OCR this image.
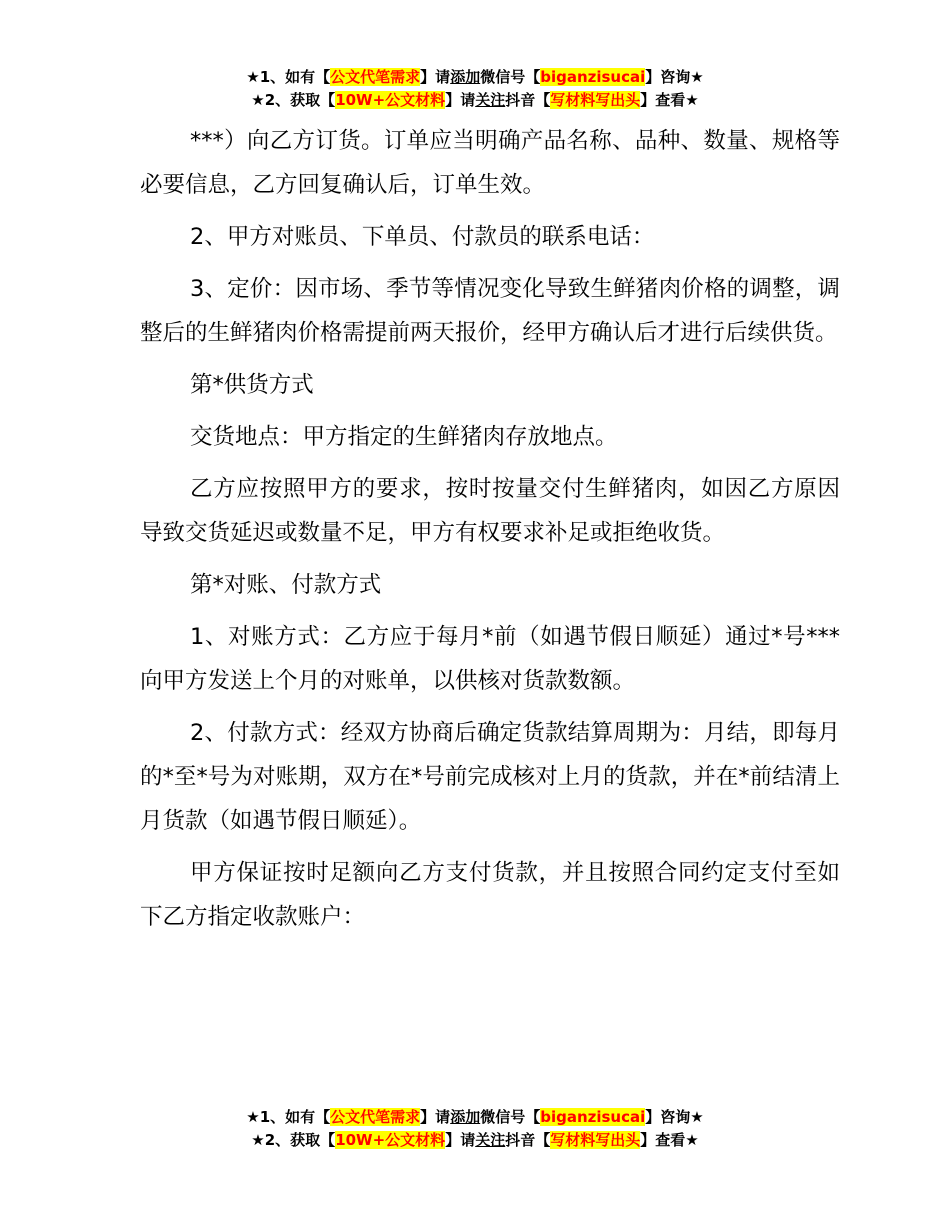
★1、如有【公文代笔需求】请添加微信号【biganzisucai】咨询★
★2、获取【10W+公文材料】请关注抖音【写材料写出头】查看★

***）向乙方订货。订单应当明确产品名称、品种、数量、规格等必要信息，乙方回复确认后，订单生效。

2、甲方对账员、下单员、付款员的联系电话：

3、定价：因市场、季节等情况变化导致生鲜猪肉价格的调整，调整后的生鲜猪肉价格需提前两天报价，经甲方确认后才进行后续供货。

第*供货方式

交货地点：甲方指定的生鲜猪肉存放地点。

乙方应按照甲方的要求，按时按量交付生鲜猪肉，如因乙方原因导致交货延迟或数量不足，甲方有权要求补足或拒绝收货。

第*对账、付款方式

1、对账方式：乙方应于每月*前（如遇节假日顺延）通过*号***向甲方发送上个月的对账单，以供核对货款数额。

2、付款方式：经双方协商后确定货款结算周期为：月结，即每月的*至*号为对账期，双方在*号前完成核对上月的货款，并在*前结清上月货款（如遇节假日顺延）。

甲方保证按时足额向乙方支付货款，并且按照合同约定支付至如下乙方指定收款账户：

★1、如有【公文代笔需求】请添加微信号【biganzisucai】咨询★
★2、获取【10W+公文材料】请关注抖音【写材料写出头】查看★
